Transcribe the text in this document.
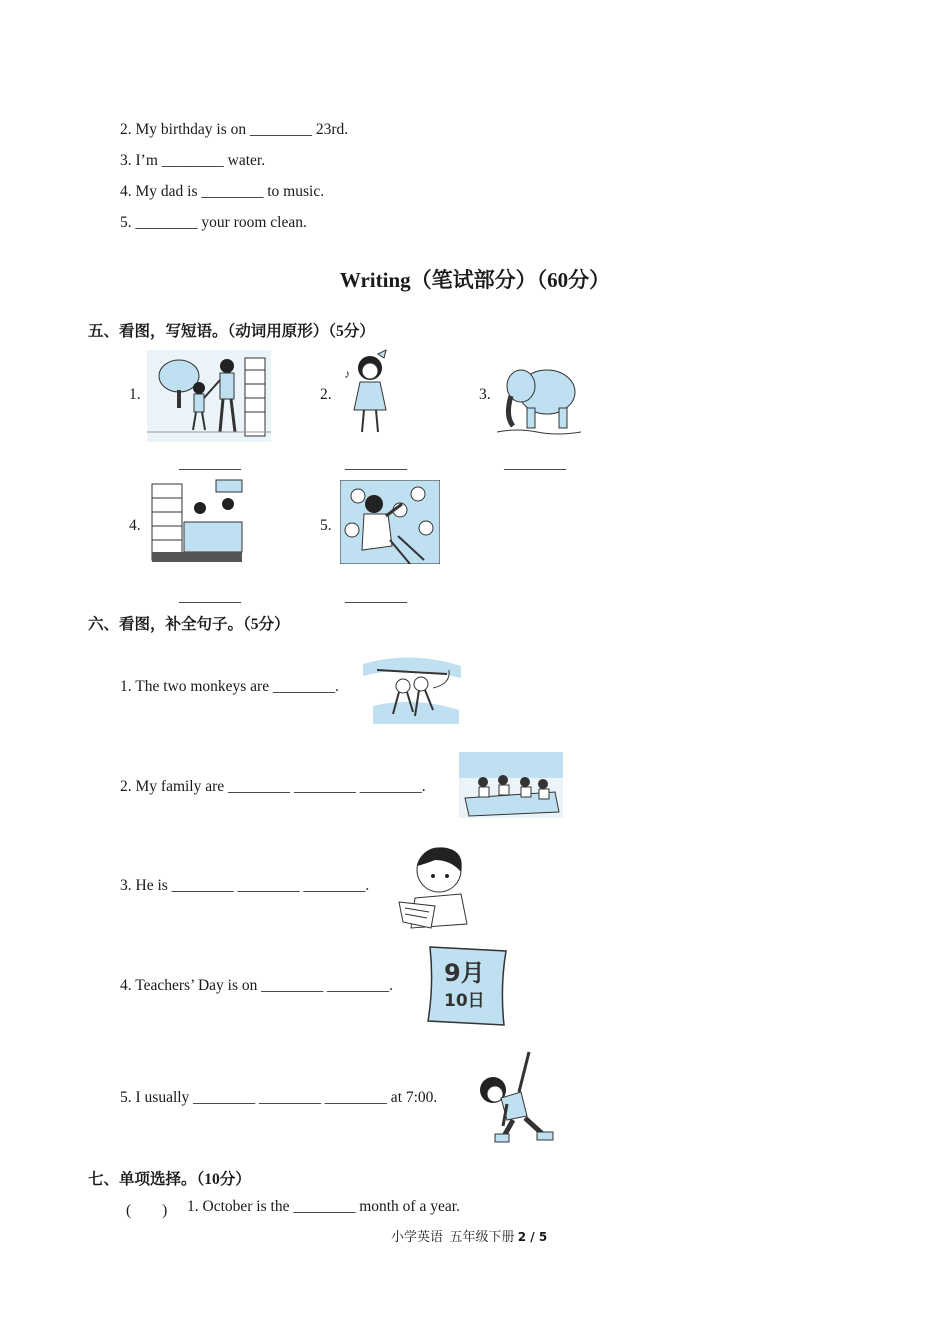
2. My birthday is on ________ 23rd.
3. I’m ________ water.
4. My dad is ________ to music.
5. ________ your room clean.
Writing（笔试部分）（60分）
五、看图，写短语。（动词用原形）（5分）
1.
________
2.
♪
________
3.
________
4.
________
5.
________
六、看图，补全句子。（5分）
1. The two monkeys are ________.
2. My family are ________ ________ ________.
3. He is ________ ________ ________.
4. Teachers’ Day is on ________ ________. 9月
10日
5. I usually ________ ________ ________ at 7:00.
七、单项选择。（10分）
(　　) 1. October is the ________ month of a year.
小学英语  五年级下册 2 / 5
